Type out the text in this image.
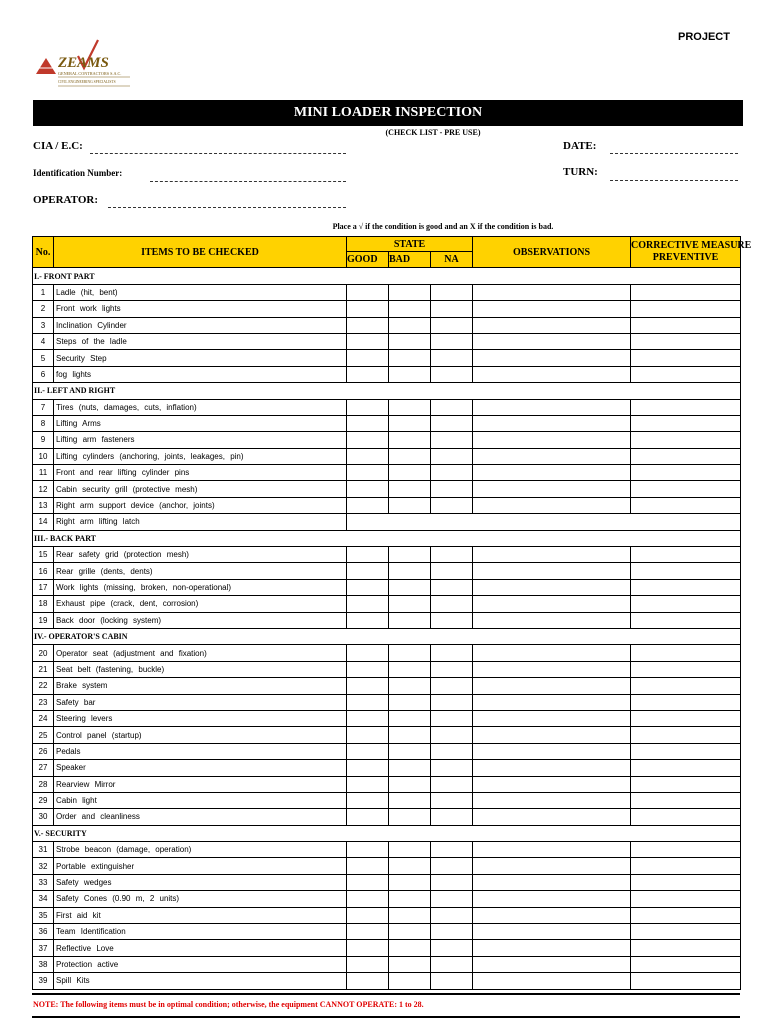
PROJECT
ZEAMS
GENERAL CONTRACTORS S.A.C.
CIVIL ENGINEERING SPECIALISTS
MINI LOADER INSPECTION
(CHECK LIST - PRE USE)
CIA / E.C:	DATE:
Identification Number:	TURN:
OPERATOR:
Place a √ if the condition is good and an X if the condition is bad.
No.	ITEMS TO BE CHECKED	STATE			OBSERVATIONS	CORRECTIVE MEASURE
PREVENTIVE
		GOOD	BAD	NA		
I.- FRONT PART						
1	Ladle (hit, bent)					
2	Front work lights					
3	Inclination Cylinder					
4	Steps of the ladle					
5	Security Step					
6	fog lights					
II.- LEFT AND RIGHT						
7	Tires (nuts, damages, cuts, inflation)					
8	Lifting Arms					
9	Lifting arm fasteners					
10	Lifting cylinders (anchoring, joints, leakages, pin)					
11	Front and rear lifting cylinder pins					
12	Cabin security grill (protective mesh)					
13	Right arm support device (anchor, joints)					
14	Right arm lifting latch					
III.- BACK PART						
15	Rear safety grid (protection mesh)					
16	Rear grille (dents, dents)					
17	Work lights (missing, broken, non-operational)					
18	Exhaust pipe (crack, dent, corrosion)					
19	Back door (locking system)					
IV.- OPERATOR'S CABIN						
20	Operator seat (adjustment and fixation)					
21	Seat belt (fastening, buckle)					
22	Brake system					
23	Safety bar					
24	Steering levers					
25	Control panel (startup)					
26	Pedals					
27	Speaker					
28	Rearview Mirror					
29	Cabin light					
30	Order and cleanliness					
V.- SECURITY						
31	Strobe beacon (damage, operation)					
32	Portable extinguisher					
33	Safety wedges					
34	Safety Cones (0.90 m, 2 units)					
35	First aid kit					
36	Team Identification					
37	Reflective Love					
38	Protection active					
39	Spill Kits					
NOTE: The following items must be in optimal condition; otherwise, the equipment CANNOT OPERATE: 1 to 28.
